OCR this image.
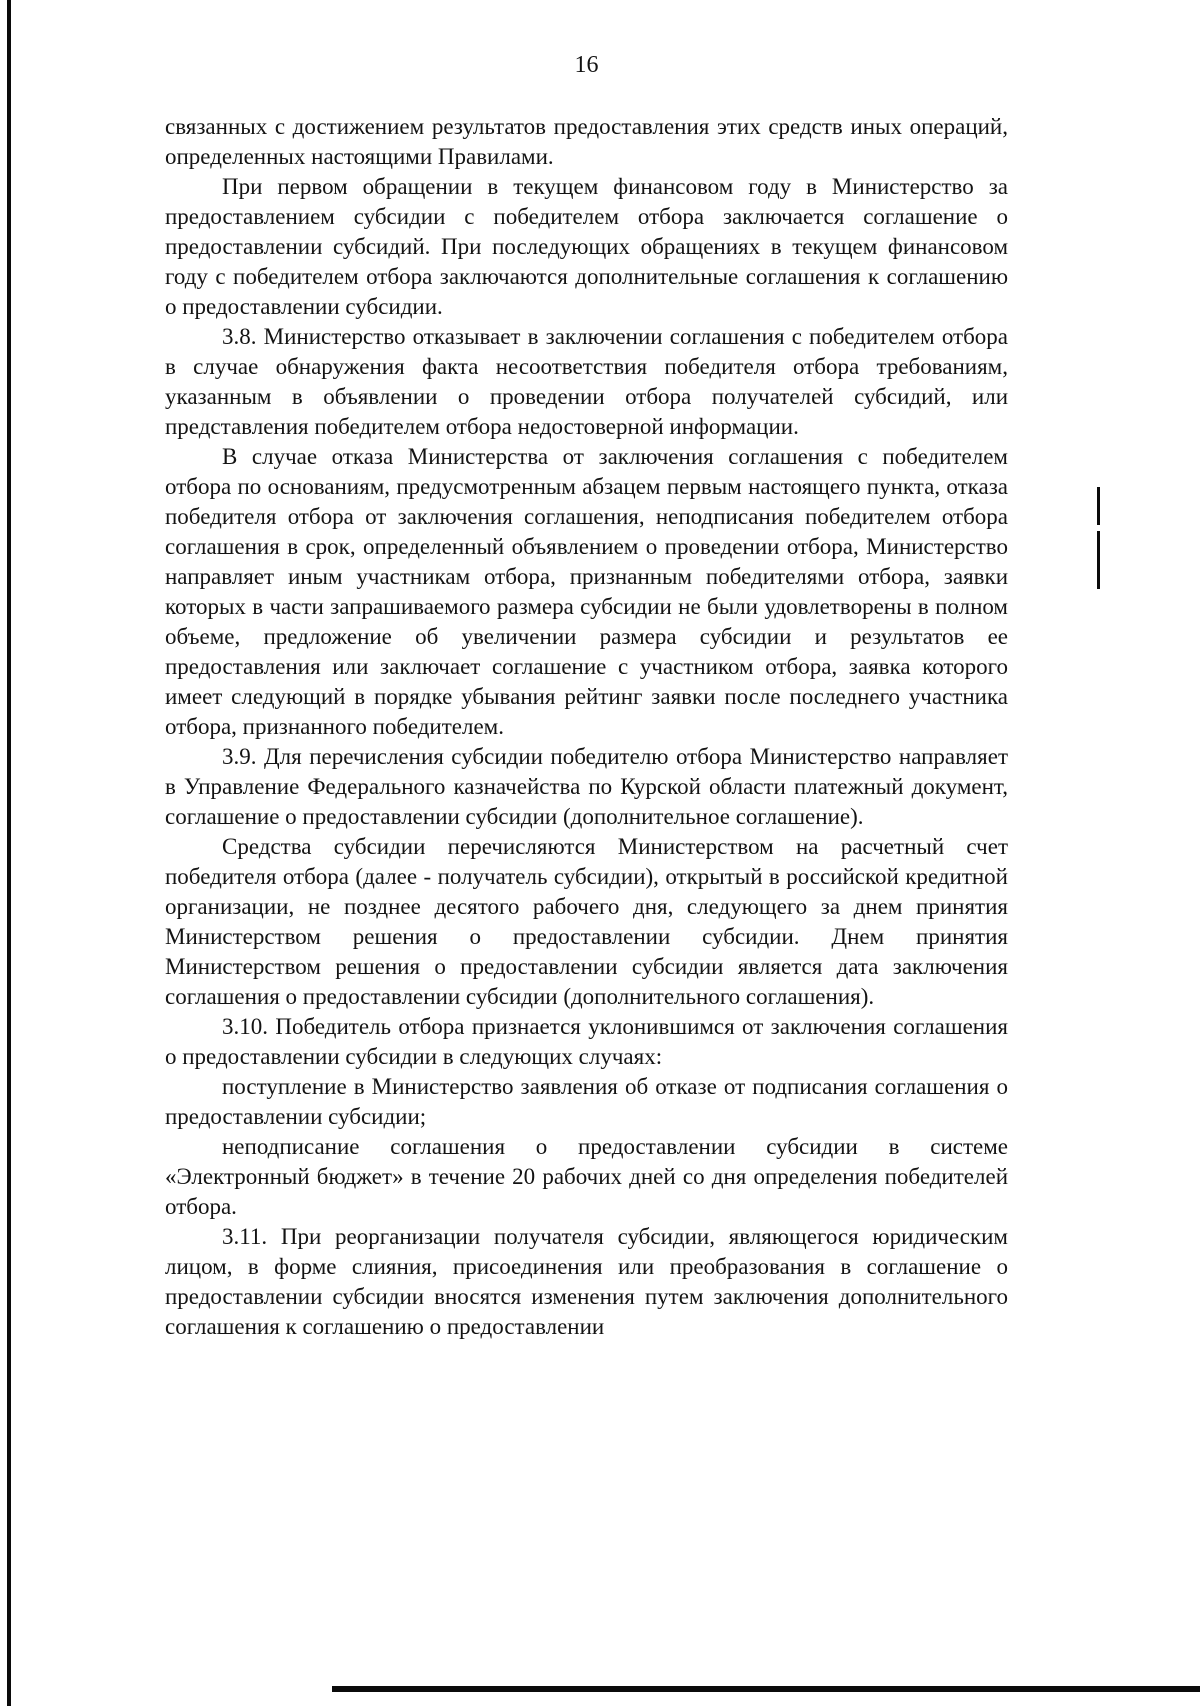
16

связанных с достижением результатов предоставления этих средств иных операций, определенных настоящими Правилами.

При первом обращении в текущем финансовом году в Министерство за предоставлением субсидии с победителем отбора заключается соглашение о предоставлении субсидий. При последующих обращениях в текущем финансовом году с победителем отбора заключаются дополнительные соглашения к соглашению о предоставлении субсидии.

3.8. Министерство отказывает в заключении соглашения с победителем отбора в случае обнаружения факта несоответствия победителя отбора требованиям, указанным в объявлении о проведении отбора получателей субсидий, или представления победителем отбора недостоверной информации.

В случае отказа Министерства от заключения соглашения с победителем отбора по основаниям, предусмотренным абзацем первым настоящего пункта, отказа победителя отбора от заключения соглашения, неподписания победителем отбора соглашения в срок, определенный объявлением о проведении отбора, Министерство направляет иным участникам отбора, признанным победителями отбора, заявки которых в части запрашиваемого размера субсидии не были удовлетворены в полном объеме, предложение об увеличении размера субсидии и результатов ее предоставления или заключает соглашение с участником отбора, заявка которого имеет следующий в порядке убывания рейтинг заявки после последнего участника отбора, признанного победителем.

3.9. Для перечисления субсидии победителю отбора Министерство направляет в Управление Федерального казначейства по Курской области платежный документ, соглашение о предоставлении субсидии (дополнительное соглашение).

Средства субсидии перечисляются Министерством на расчетный счет победителя отбора (далее - получатель субсидии), открытый в российской кредитной организации, не позднее десятого рабочего дня, следующего за днем принятия Министерством решения о предоставлении субсидии. Днем принятия Министерством решения о предоставлении субсидии является дата заключения соглашения о предоставлении субсидии (дополнительного соглашения).

3.10. Победитель отбора признается уклонившимся от заключения соглашения о предоставлении субсидии в следующих случаях:

поступление в Министерство заявления об отказе от подписания соглашения о предоставлении субсидии;

неподписание соглашения о предоставлении субсидии в системе «Электронный бюджет» в течение 20 рабочих дней со дня определения победителей отбора.

3.11. При реорганизации получателя субсидии, являющегося юридическим лицом, в форме слияния, присоединения или преобразования в соглашение о предоставлении субсидии вносятся изменения путем заключения дополнительного соглашения к соглашению о предоставлении
